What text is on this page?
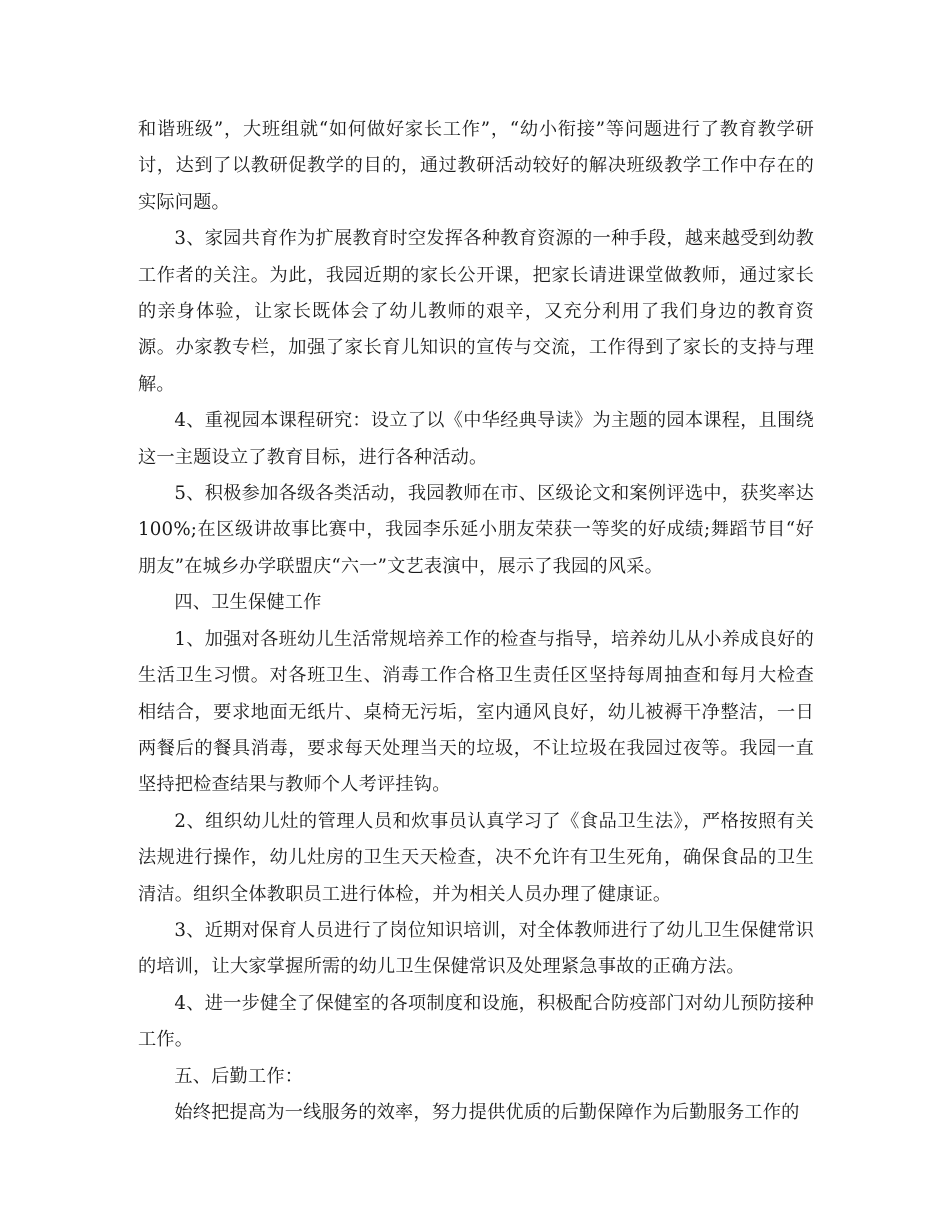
和谐班级”，大班组就“如何做好家长工作”，“幼小衔接”等问题进行了教育教学研讨，达到了以教研促教学的目的，通过教研活动较好的解决班级教学工作中存在的实际问题。

3、家园共育作为扩展教育时空发挥各种教育资源的一种手段，越来越受到幼教工作者的关注。为此，我园近期的家长公开课，把家长请进课堂做教师，通过家长的亲身体验，让家长既体会了幼儿教师的艰辛，又充分利用了我们身边的教育资源。办家教专栏，加强了家长育儿知识的宣传与交流，工作得到了家长的支持与理解。

4、重视园本课程研究：设立了以《中华经典导读》为主题的园本课程，且围绕这一主题设立了教育目标，进行各种活动。

5、积极参加各级各类活动，我园教师在市、区级论文和案例评选中，获奖率达100%;在区级讲故事比赛中，我园李乐延小朋友荣获一等奖的好成绩;舞蹈节目“好朋友”在城乡办学联盟庆“六一”文艺表演中，展示了我园的风采。

四、卫生保健工作

1、加强对各班幼儿生活常规培养工作的检查与指导，培养幼儿从小养成良好的生活卫生习惯。对各班卫生、消毒工作合格卫生责任区坚持每周抽查和每月大检查相结合，要求地面无纸片、桌椅无污垢，室内通风良好，幼儿被褥干净整洁，一日两餐后的餐具消毒，要求每天处理当天的垃圾，不让垃圾在我园过夜等。我园一直坚持把检查结果与教师个人考评挂钩。

2、组织幼儿灶的管理人员和炊事员认真学习了《食品卫生法》，严格按照有关法规进行操作，幼儿灶房的卫生天天检查，决不允许有卫生死角，确保食品的卫生清洁。组织全体教职员工进行体检，并为相关人员办理了健康证。

3、近期对保育人员进行了岗位知识培训，对全体教师进行了幼儿卫生保健常识的培训，让大家掌握所需的幼儿卫生保健常识及处理紧急事故的正确方法。

4、进一步健全了保健室的各项制度和设施，积极配合防疫部门对幼儿预防接种工作。

五、后勤工作：

始终把提高为一线服务的效率，努力提供优质的后勤保障作为后勤服务工作的
